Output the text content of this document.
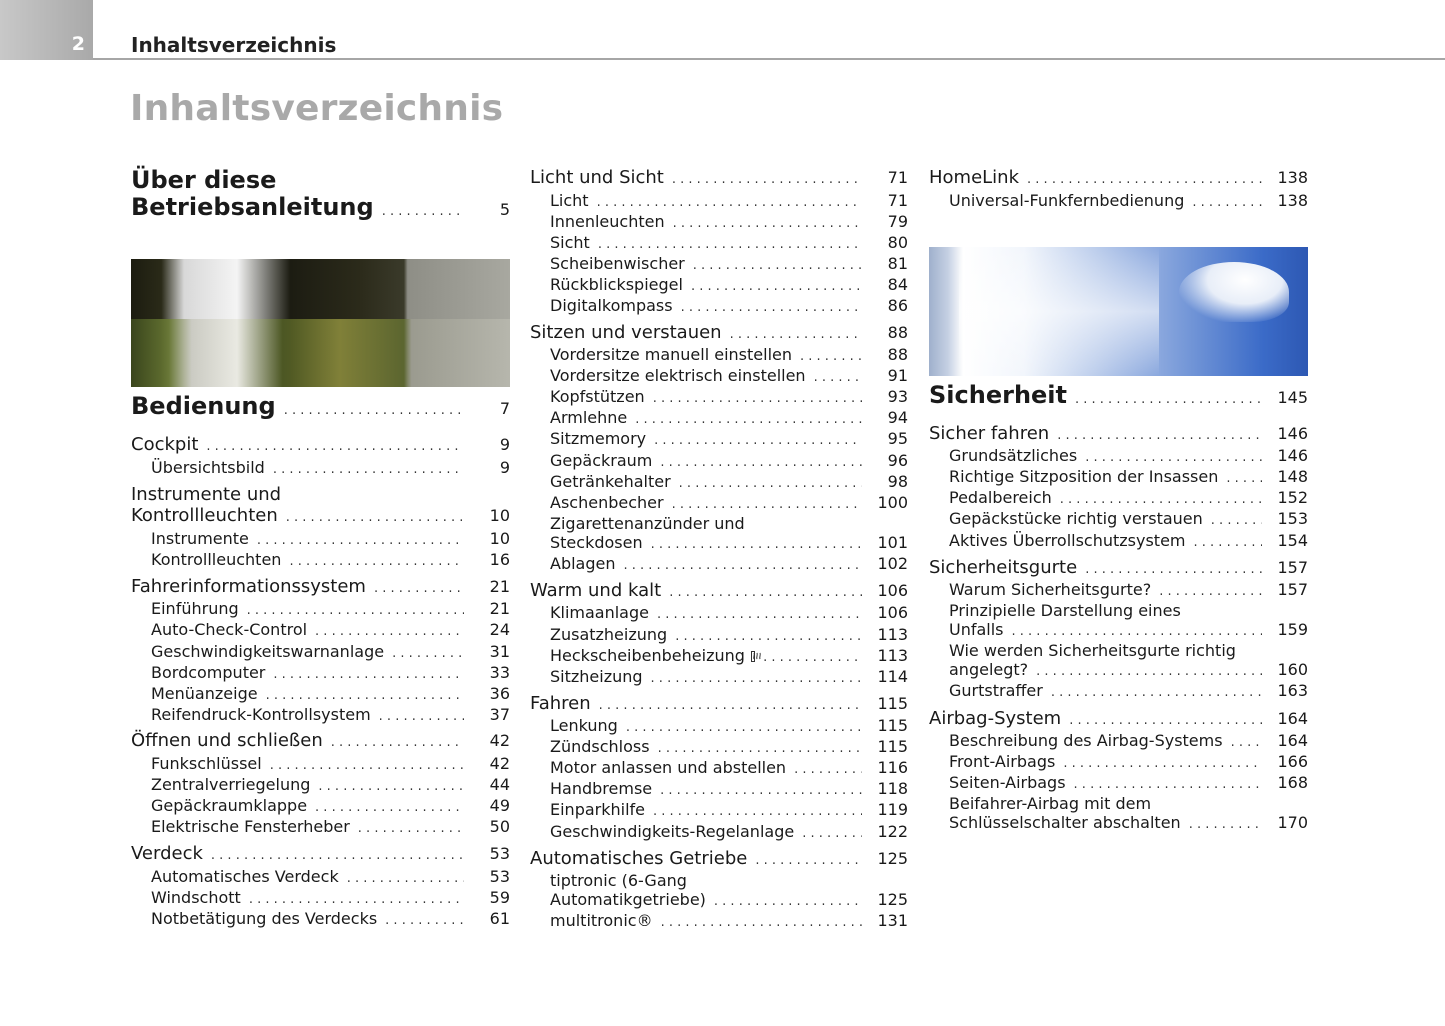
2 Inhaltsverzeichnis
Inhaltsverzeichnis
Über diese
Betriebsanleitung . . .	5
Bedienung . . .	7
Cockpit . . .	9
Übersichtsbild . . .	9
Instrumente und
Kontrollleuchten . . .	10
Instrumente . . .	10
Kontrollleuchten . . .	16
Fahrerinformationssystem . . .	21
Einführung . . .	21
Auto-Check-Control . . .	24
Geschwindigkeitswarnanlage . . .	31
Bordcomputer . . .	33
Menüanzeige . . .	36
Reifendruck-Kontrollsystem . . .	37
Öffnen und schließen . . .	42
Funkschlüssel . . .	42
Zentralverriegelung . . .	44
Gepäckraumklappe . . .	49
Elektrische Fensterheber . . .	50
Verdeck . . .	53
Automatisches Verdeck . . .	53
Windschott . . .	59
Notbetätigung des Verdecks . . .	61
Licht und Sicht . . .	71
Licht . . .	71
Innenleuchten . . .	79
Sicht . . .	80
Scheibenwischer . . .	81
Rückblickspiegel . . .	84
Digitalkompass . . .	86
Sitzen und verstauen . . .	88
Vordersitze manuell einstellen . . .	88
Vordersitze elektrisch einstellen . . .	91
Kopfstützen . . .	93
Armlehne . . .	94
Sitzmemory . . .	95
Gepäckraum . . .	96
Getränkehalter . . .	98
Aschenbecher . . .	100
Zigarettenanzünder und
Steckdosen . . .	101
Ablagen . . .	102
Warm und kalt . . .	106
Klimaanlage . . .	106
Zusatzheizung . . .	113
Heckscheibenbeheizung . . .	113
Sitzheizung . . .	114
Fahren . . .	115
Lenkung . . .	115
Zündschloss . . .	115
Motor anlassen und abstellen . . .	116
Handbremse . . .	118
Einparkhilfe . . .	119
Geschwindigkeits-Regelanlage . . .	122
Automatisches Getriebe . . .	125
tiptronic (6-Gang
Automatikgetriebe) . . .	125
multitronic® . . .	131
HomeLink . . .	138
Universal-Funkfernbedienung . . .	138
Sicherheit . . .	145
Sicher fahren . . .	146
Grundsätzliches . . .	146
Richtige Sitzposition der Insassen . . .	148
Pedalbereich . . .	152
Gepäckstücke richtig verstauen . . .	153
Aktives Überrollschutzsystem . . .	154
Sicherheitsgurte . . .	157
Warum Sicherheitsgurte? . . .	157
Prinzipielle Darstellung eines
Unfalls . . .	159
Wie werden Sicherheitsgurte richtig
angelegt? . . .	160
Gurtstraffer . . .	163
Airbag-System . . .	164
Beschreibung des Airbag-Systems . . .	164
Front-Airbags . . .	166
Seiten-Airbags . . .	168
Beifahrer-Airbag mit dem
Schlüsselschalter abschalten . . .	170
